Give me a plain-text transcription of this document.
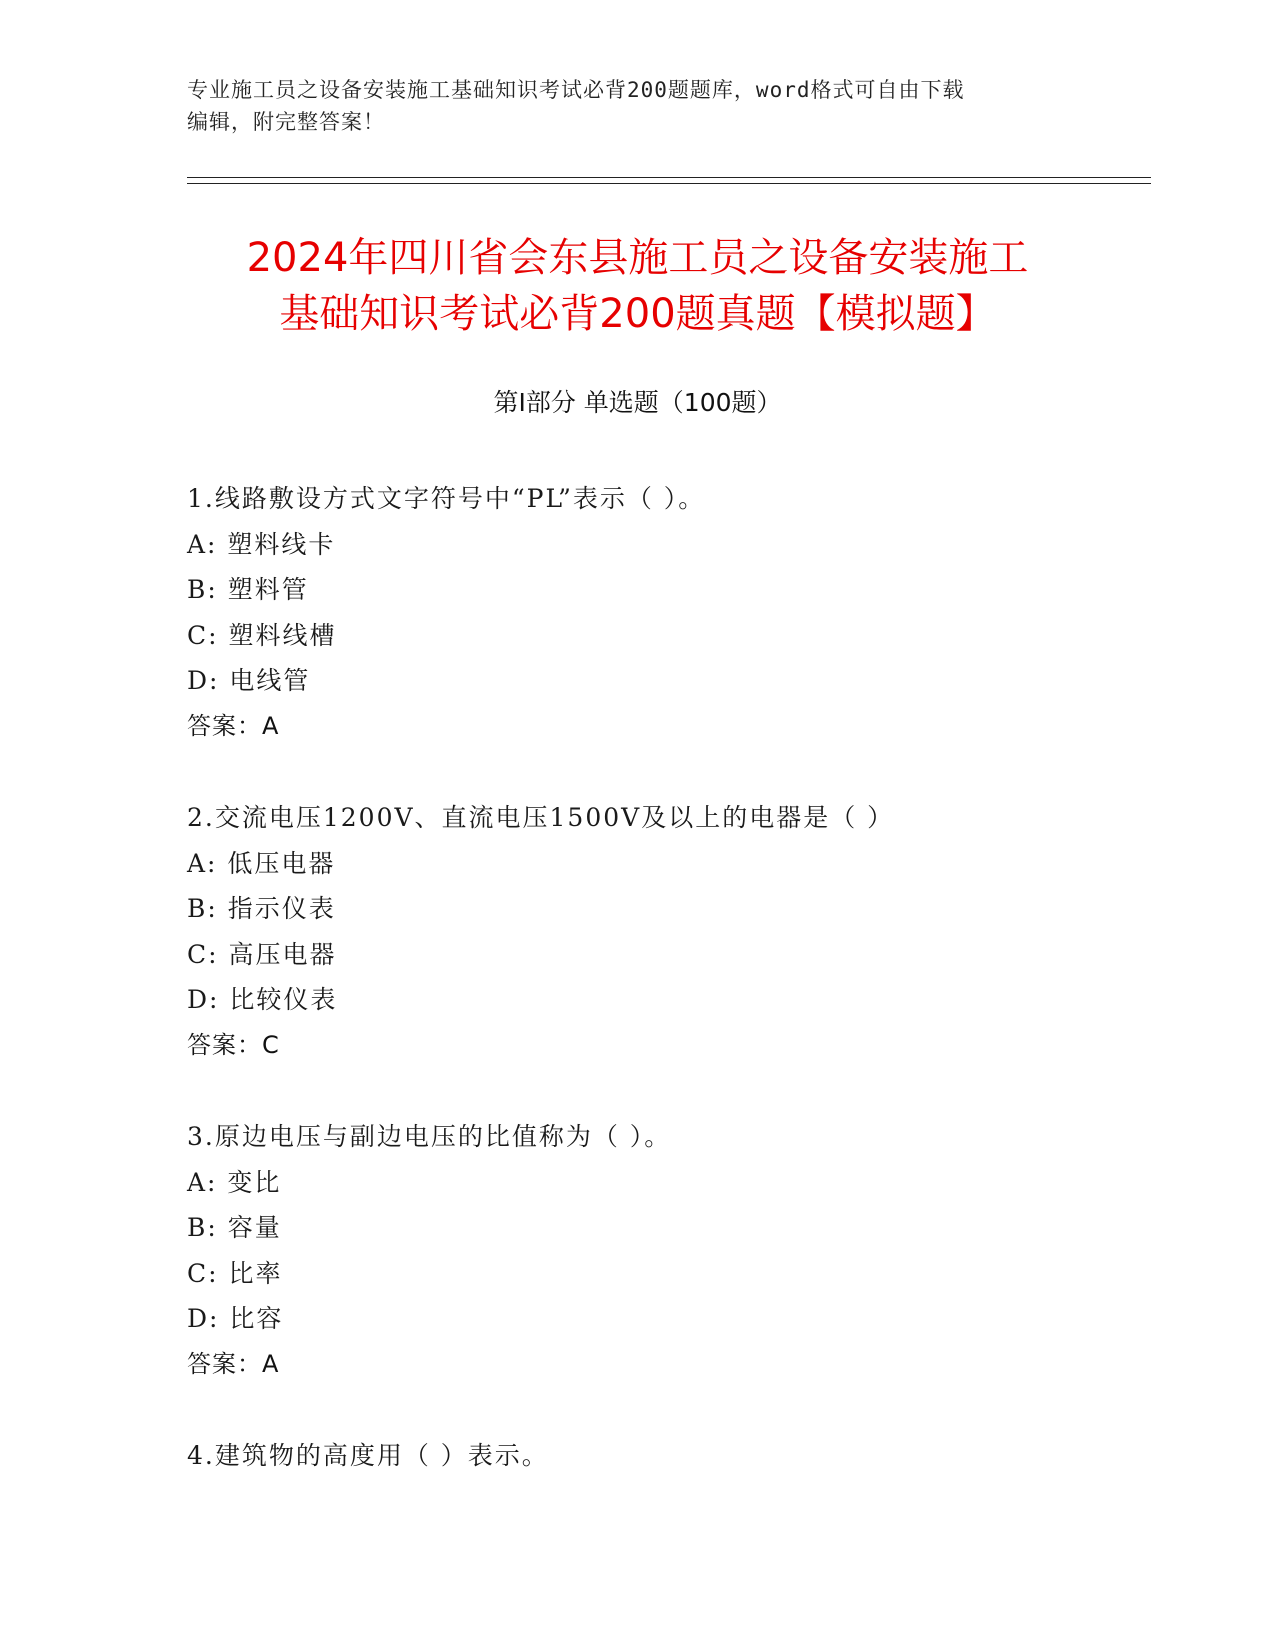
专业施工员之设备安装施工基础知识考试必背200题题库，word格式可自由下载
编辑，附完整答案！
2024年四川省会东县施工员之设备安装施工
基础知识考试必背200题真题【模拟题】
第I部分 单选题（100题）
1.线路敷设方式文字符号中“PL”表示（ ）。
A: 塑料线卡
B: 塑料管
C: 塑料线槽
D: 电线管
答案：A
2.交流电压1200V、直流电压1500V及以上的电器是（ ）
A: 低压电器
B: 指示仪表
C: 高压电器
D: 比较仪表
答案：C
3.原边电压与副边电压的比值称为（ ）。
A: 变比
B: 容量
C: 比率
D: 比容
答案：A
4.建筑物的高度用（ ）表示。
